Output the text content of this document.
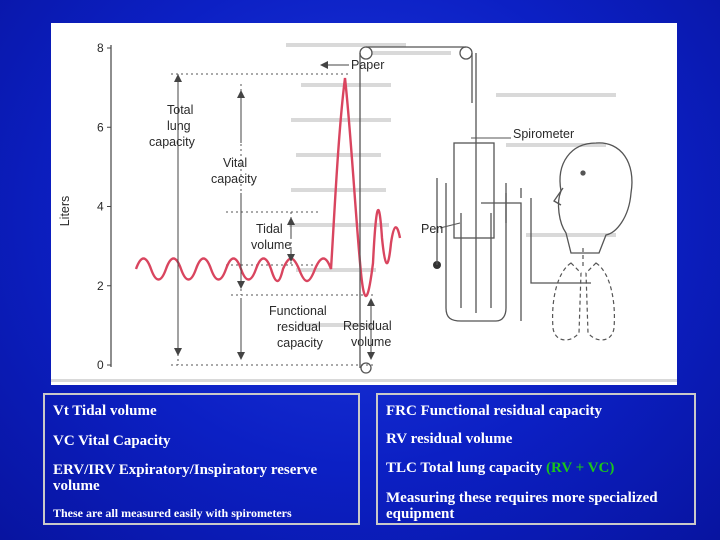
8
6
4
2
0
Liters
Total lung capacity
Vital capacity
Tidal volume
Functional residual capacity
Residual volume
Paper
Spirometer
Pen
Vt Tidal volume
VC Vital Capacity
ERV/IRV Expiratory/Inspiratory reserve volume
These are all measured easily with spirometers
FRC Functional residual capacity
RV residual volume
TLC Total lung capacity (RV + VC)
Measuring these requires more specialized equipment
